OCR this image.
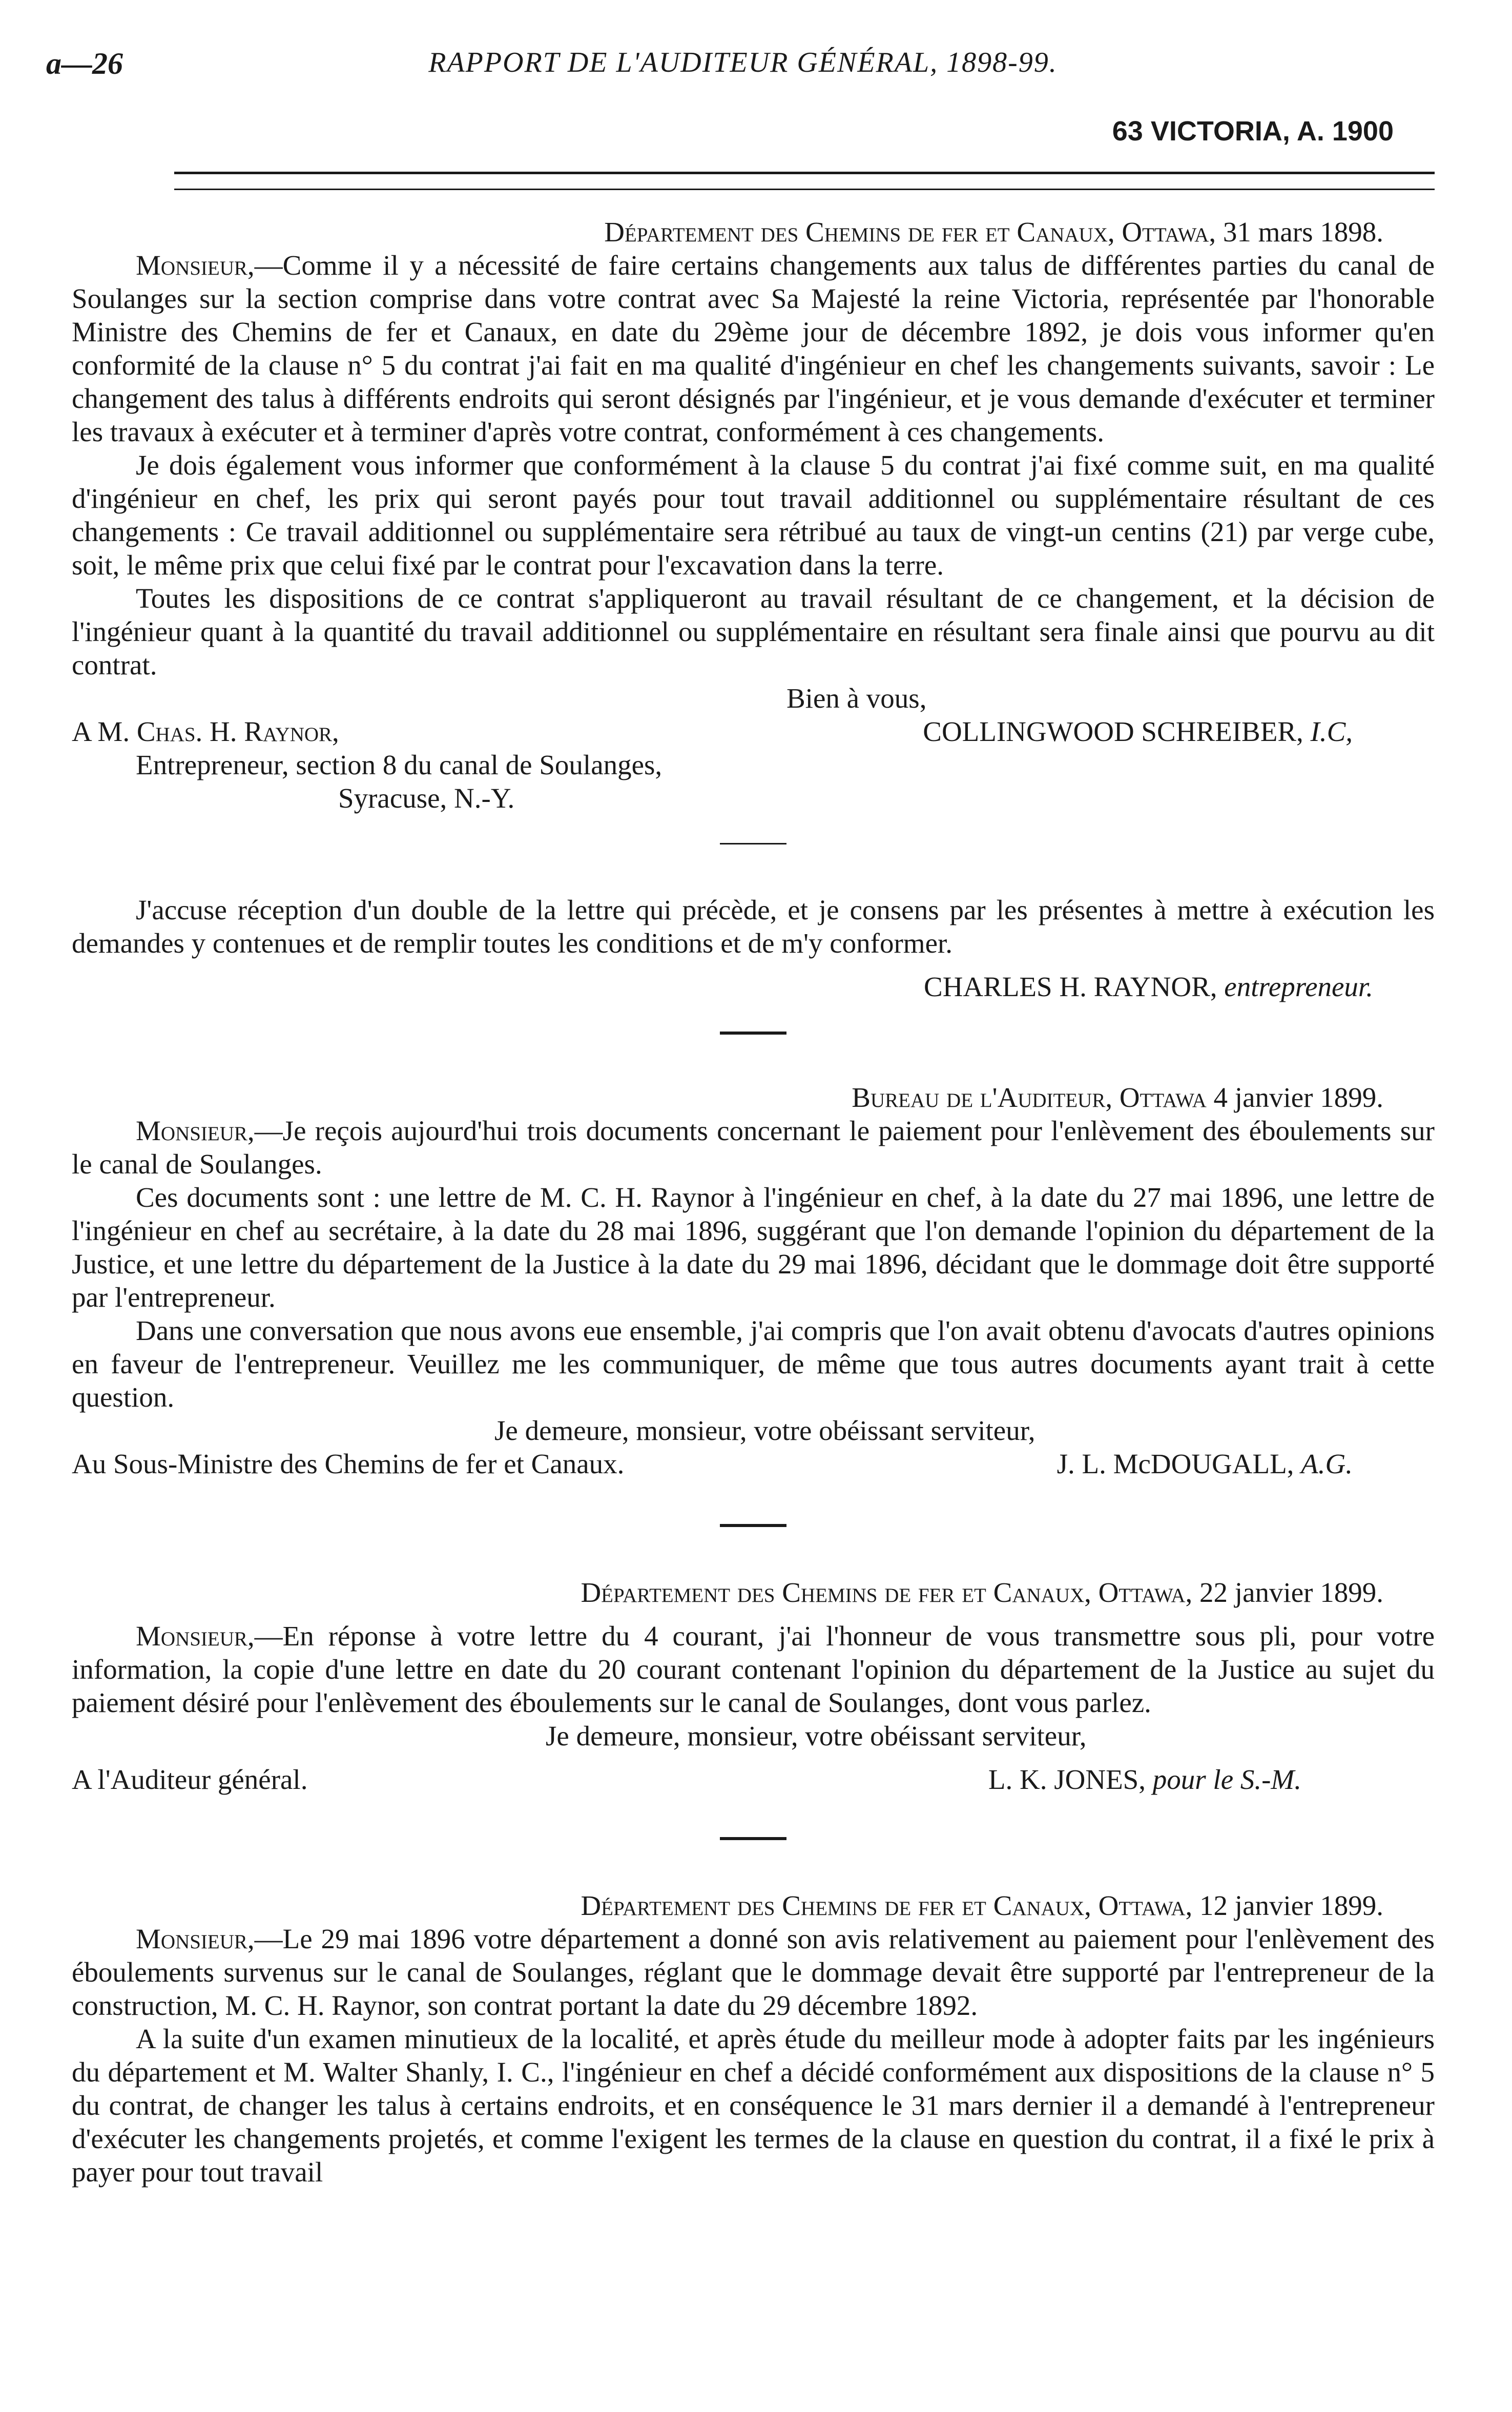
a—26	RAPPORT DE L'AUDITEUR GÉNÉRAL, 1898-99.
63 VICTORIA, A. 1900
Département des Chemins de fer et Canaux, Ottawa, 31 mars 1898.

Monsieur,—Comme il y a nécessité de faire certains changements aux talus de différentes parties du canal de Soulanges sur la section comprise dans votre contrat avec Sa Majesté la reine Victoria, représentée par l'honorable Ministre des Chemins de fer et Canaux, en date du 29ème jour de décembre 1892, je dois vous informer qu'en conformité de la clause n° 5 du contrat j'ai fait en ma qualité d'ingénieur en chef les changements suivants, savoir : Le changement des talus à différents endroits qui seront désignés par l'ingénieur, et je vous demande d'exécuter et terminer les travaux à exécuter et à terminer d'après votre contrat, conformément à ces changements.

Je dois également vous informer que conformément à la clause 5 du contrat j'ai fixé comme suit, en ma qualité d'ingénieur en chef, les prix qui seront payés pour tout travail additionnel ou supplémentaire résultant de ces changements : Ce travail additionnel ou supplémentaire sera rétribué au taux de vingt-un centins (21) par verge cube, soit, le même prix que celui fixé par le contrat pour l'excavation dans la terre.

Toutes les dispositions de ce contrat s'appliqueront au travail résultant de ce changement, et la décision de l'ingénieur quant à la quantité du travail additionnel ou supplémentaire en résultant sera finale ainsi que pourvu au dit contrat.

Bien à vous,

A M. Chas. H. Raynor,	COLLINGWOOD SCHREIBER, I.C,
Entrepreneur, section 8 du canal de Soulanges,
Syracuse, N.-Y.

J'accuse réception d'un double de la lettre qui précède, et je consens par les présentes à mettre à exécution les demandes y contenues et de remplir toutes les conditions et de m'y conformer.

CHARLES H. RAYNOR, entrepreneur.

Bureau de l'Auditeur, Ottawa 4 janvier 1899.

Monsieur,—Je reçois aujourd'hui trois documents concernant le paiement pour l'enlèvement des éboulements sur le canal de Soulanges.

Ces documents sont : une lettre de M. C. H. Raynor à l'ingénieur en chef, à la date du 27 mai 1896, une lettre de l'ingénieur en chef au secrétaire, à la date du 28 mai 1896, suggérant que l'on demande l'opinion du département de la Justice, et une lettre du département de la Justice à la date du 29 mai 1896, décidant que le dommage doit être supporté par l'entrepreneur.

Dans une conversation que nous avons eue ensemble, j'ai compris que l'on avait obtenu d'avocats d'autres opinions en faveur de l'entrepreneur. Veuillez me les communiquer, de même que tous autres documents ayant trait à cette question.

Je demeure, monsieur, votre obéissant serviteur,

Au Sous-Ministre des Chemins de fer et Canaux.	J. L. McDOUGALL, A.G.
Département des Chemins de fer et Canaux, Ottawa, 22 janvier 1899.

Monsieur,—En réponse à votre lettre du 4 courant, j'ai l'honneur de vous transmettre sous pli, pour votre information, la copie d'une lettre en date du 20 courant contenant l'opinion du département de la Justice au sujet du paiement désiré pour l'enlèvement des éboulements sur le canal de Soulanges, dont vous parlez.

Je demeure, monsieur, votre obéissant serviteur,

A l'Auditeur général.	L. K. JONES, pour le S.-M.
Département des Chemins de fer et Canaux, Ottawa, 12 janvier 1899.

Monsieur,—Le 29 mai 1896 votre département a donné son avis relativement au paiement pour l'enlèvement des éboulements survenus sur le canal de Soulanges, réglant que le dommage devait être supporté par l'entrepreneur de la construction, M. C. H. Raynor, son contrat portant la date du 29 décembre 1892.

A la suite d'un examen minutieux de la localité, et après étude du meilleur mode à adopter faits par les ingénieurs du département et M. Walter Shanly, I. C., l'ingénieur en chef a décidé conformément aux dispositions de la clause n° 5 du contrat, de changer les talus à certains endroits, et en conséquence le 31 mars dernier il a demandé à l'entrepreneur d'exécuter les changements projetés, et comme l'exigent les termes de la clause en question du contrat, il a fixé le prix à payer pour tout travail
